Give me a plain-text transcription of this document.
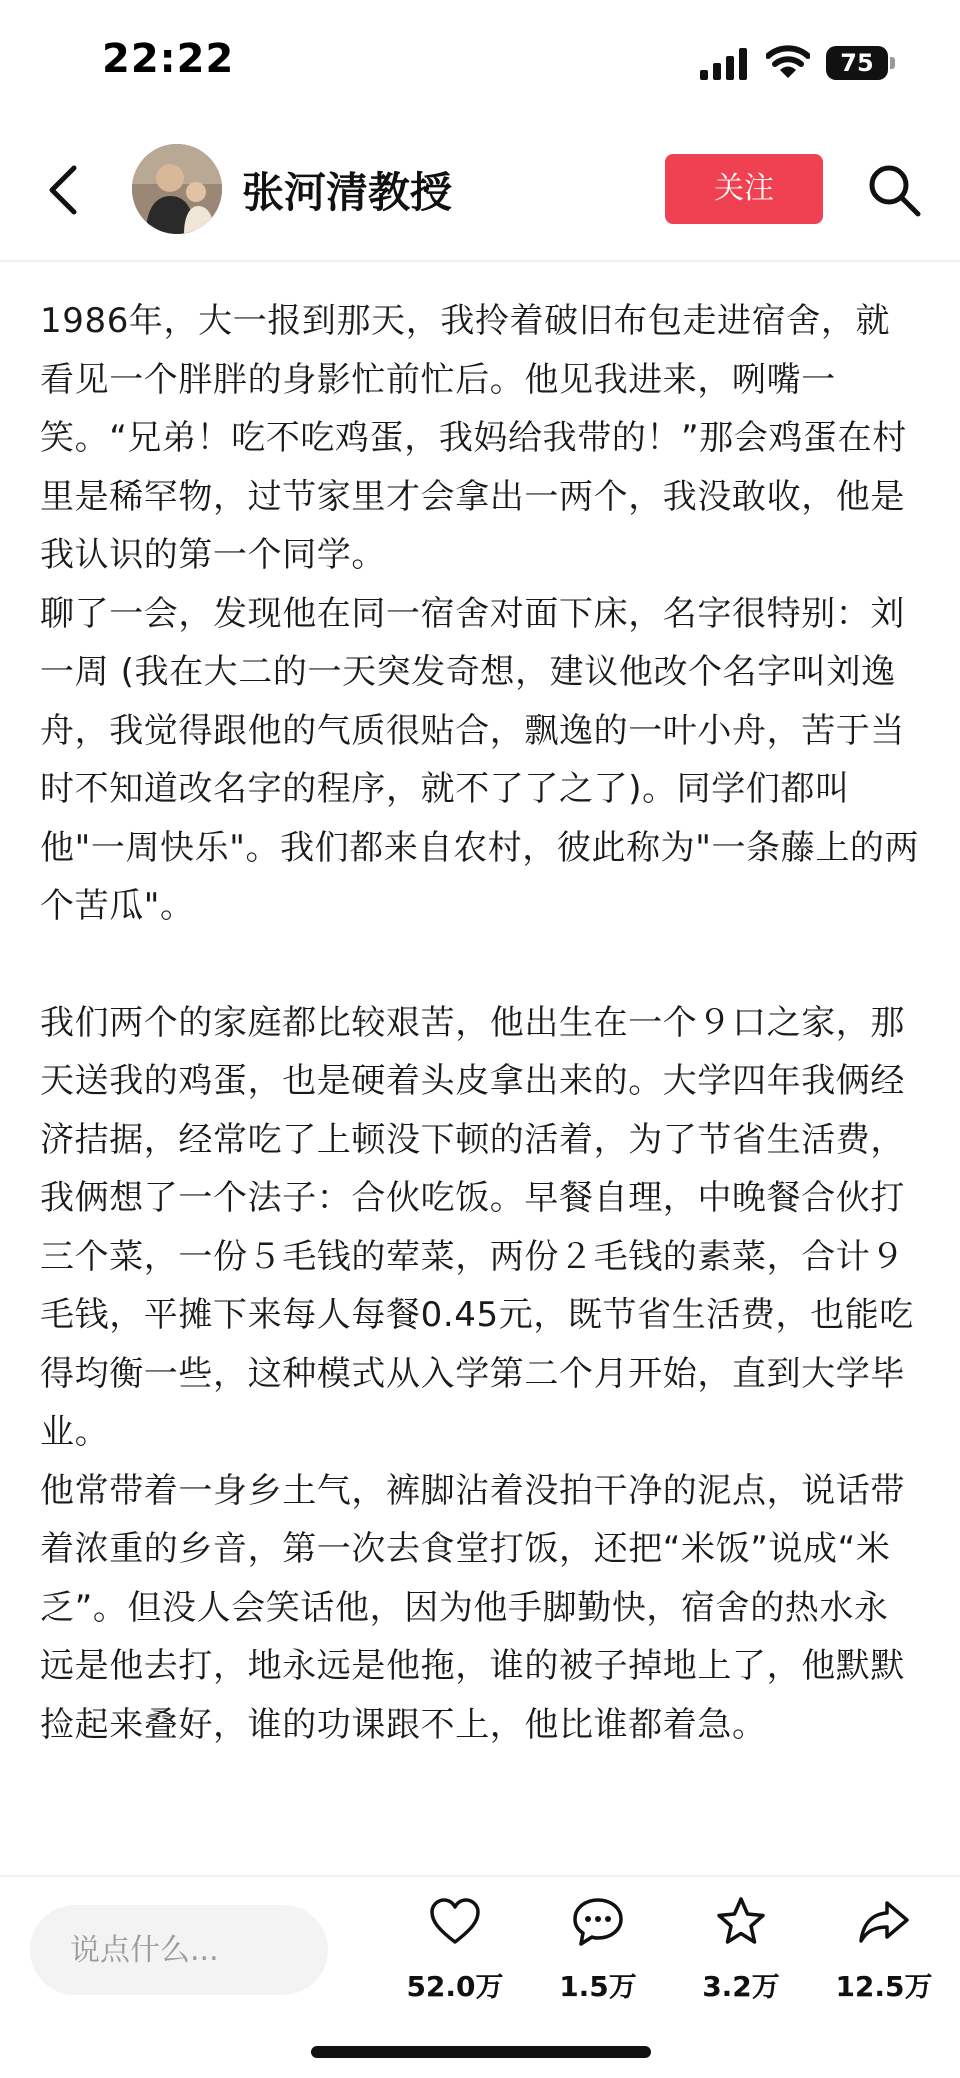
22:22	75
张河清教授	关注

1986年，大一报到那天，我拎着破旧布包走进宿舍，就看见一个胖胖的身影忙前忙后。他见我进来，咧嘴一笑。“兄弟！吃不吃鸡蛋，我妈给我带的！”那会鸡蛋在村里是稀罕物，过节家里才会拿出一两个，我没敢收，他是我认识的第一个同学。

聊了一会，发现他在同一宿舍对面下床，名字很特别：刘一周 (我在大二的一天突发奇想，建议他改个名字叫刘逸舟，我觉得跟他的气质很贴合，飘逸的一叶小舟，苦于当时不知道改名字的程序，就不了了之了)。同学们都叫他"一周快乐"。我们都来自农村，彼此称为"一条藤上的两个苦瓜"。

我们两个的家庭都比较艰苦，他出生在一个９口之家，那天送我的鸡蛋，也是硬着头皮拿出来的。大学四年我俩经济拮据，经常吃了上顿没下顿的活着，为了节省生活费，我俩想了一个法子：合伙吃饭。早餐自理，中晚餐合伙打三个菜，一份５毛钱的荤菜，两份２毛钱的素菜，合计９毛钱，平摊下来每人每餐0.45元，既节省生活费，也能吃得均衡一些，这种模式从入学第二个月开始，直到大学毕业。

他常带着一身乡土气，裤脚沾着没拍干净的泥点，说话带着浓重的乡音，第一次去食堂打饭，还把“米饭”说成“米乏”。但没人会笑话他，因为他手脚勤快，宿舍的热水永远是他去打，地永远是他拖，谁的被子掉地上了，他默默捡起来叠好，谁的功课跟不上，他比谁都着急。

说点什么...
52.0万	1.5万	3.2万	12.5万
